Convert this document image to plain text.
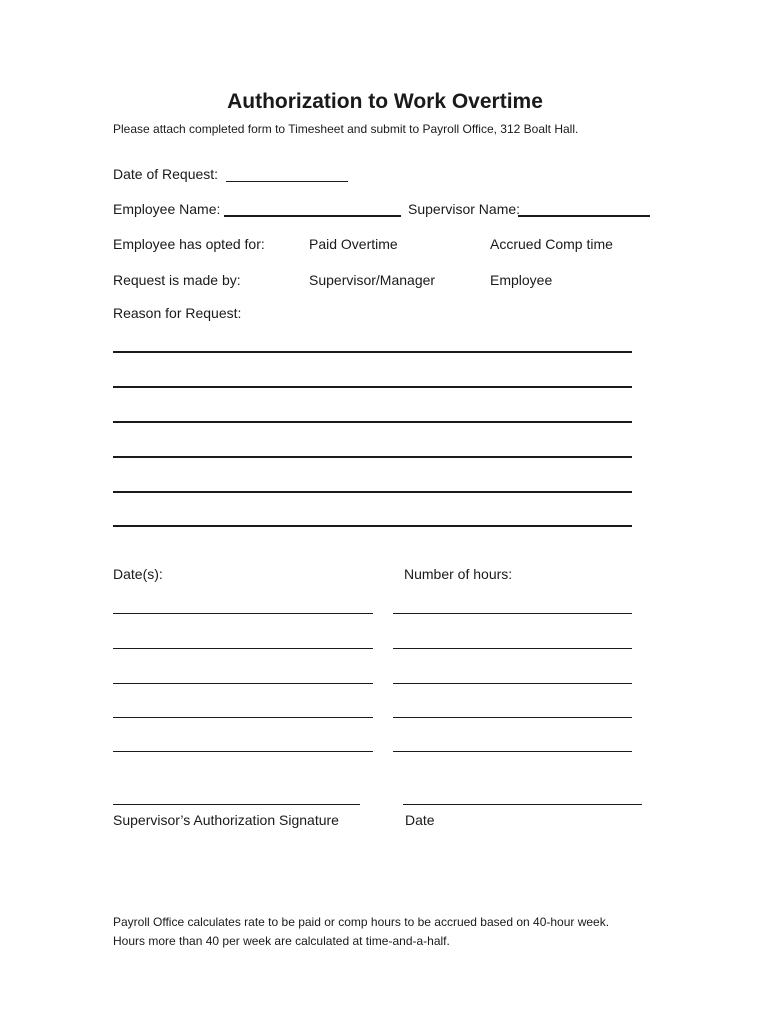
Authorization to Work Overtime
Please attach completed form to Timesheet and submit to Payroll Office, 312 Boalt Hall.
Date of Request:
Employee Name:	Supervisor Name:
Employee has opted for:	Paid Overtime	Accrued Comp time
Request is made by:	Supervisor/Manager	Employee
Reason for Request:
Date(s):	Number of hours:
Supervisor’s Authorization Signature	Date
Payroll Office calculates rate to be paid or comp hours to be accrued based on 40-hour week.
Hours more than 40 per week are calculated at time-and-a-half.
